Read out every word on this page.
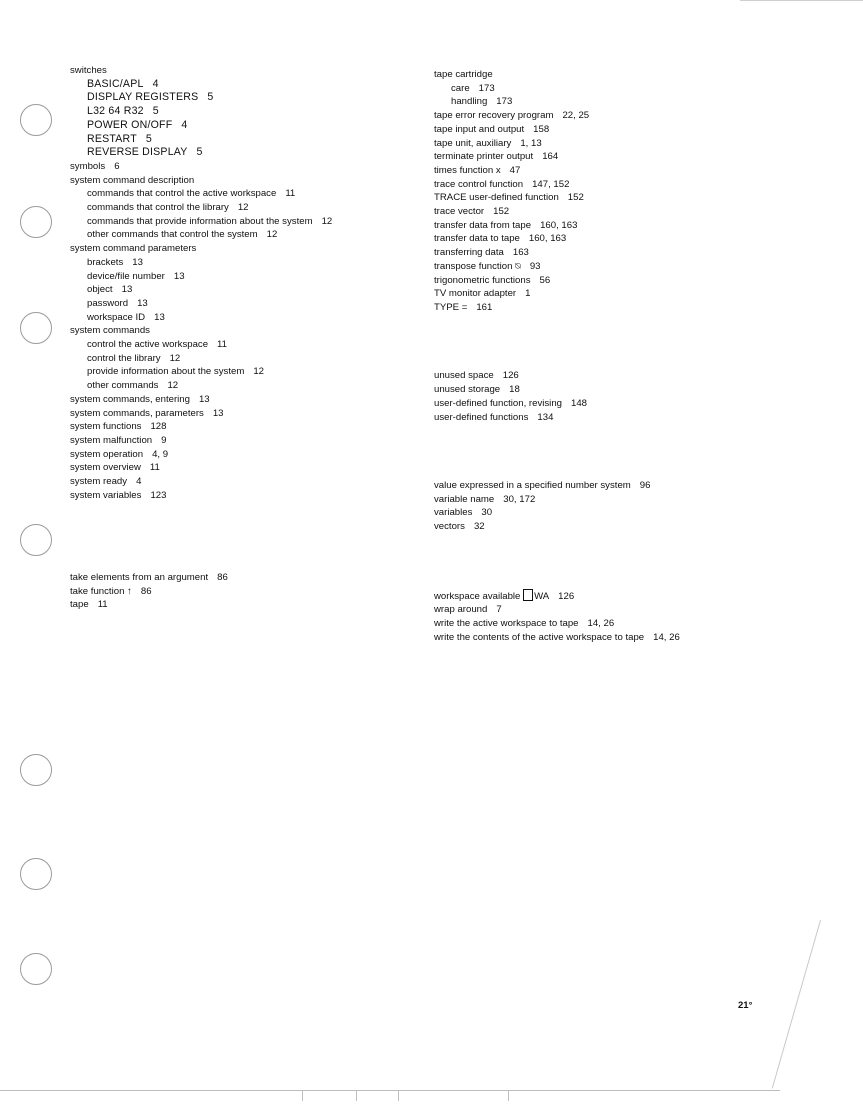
switches
BASIC/APL 4
DISPLAY REGISTERS 5
L32 64 R32 5
POWER ON/OFF 4
RESTART 5
REVERSE DISPLAY 5
symbols 6
system command description
commands that control the active workspace 11
commands that control the library 12
commands that provide information about the system 12
other commands that control the system 12
system command parameters
brackets 13
device/file number 13
object 13
password 13
workspace ID 13
system commands
control the active workspace 11
control the library 12
provide information about the system 12
other commands 12
system commands, entering 13
system commands, parameters 13
system functions 128
system malfunction 9
system operation 4, 9
system overview 11
system ready 4
system variables 123
take elements from an argument 86
take function ↑ 86
tape 11
tape cartridge
care 173
handling 173
tape error recovery program 22, 25
tape input and output 158
tape unit, auxiliary 1, 13
terminate printer output 164
times function x 47
trace control function 147, 152
TRACE user-defined function 152
trace vector 152
transfer data from tape 160, 163
transfer data to tape 160, 163
transferring data 163
transpose function ⍉ 93
trigonometric functions 56
TV monitor adapter 1
TYPE = 161
unused space 126
unused storage 18
user-defined function, revising 148
user-defined functions 134
value expressed in a specified number system 96
variable name 30, 172
variables 30
vectors 32
workspace available WA 126
wrap around 7
write the active workspace to tape 14, 26
write the contents of the active workspace to tape 14, 26
21°
